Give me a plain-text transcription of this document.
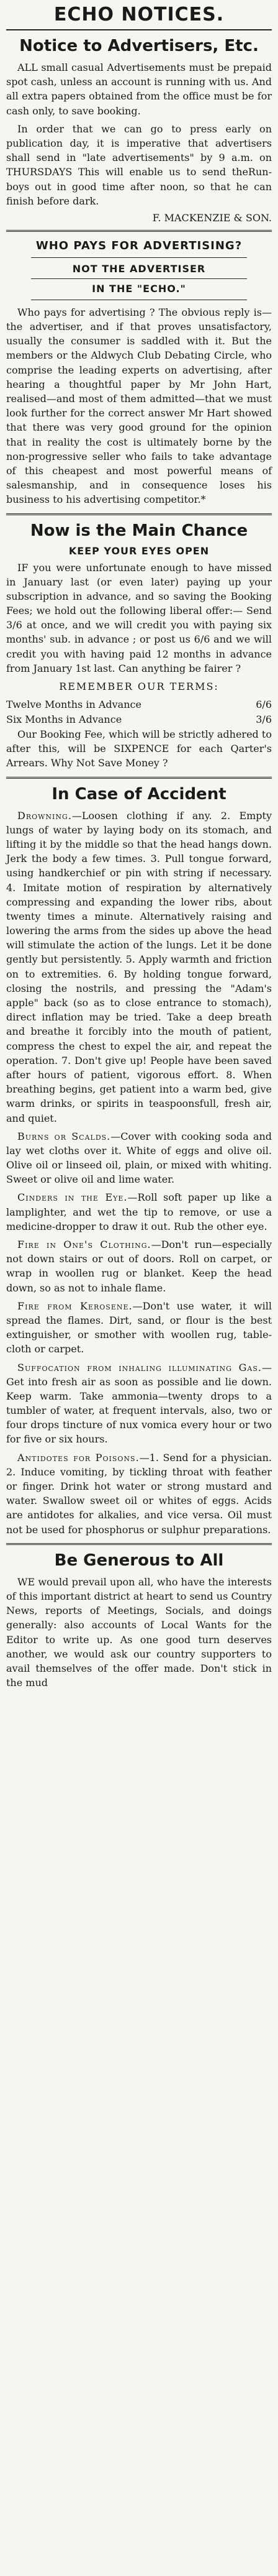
ECHO NOTICES.
Notice to Advertisers, Etc.

ALL small casual Advertisements must be prepaid spot cash, unless an account is running with us. And all extra papers obtained from the office must be for cash only, to save booking.

In order that we can go to press early on publication day, it is imperative that advertisers shall send in "late advertisements" by 9 a.m. on THURSDAYS This will enable us to send theRun-boys out in good time after noon, so that he can finish before dark.

F. MACKENZIE & SON.
WHO PAYS FOR ADVERTISING?
NOT THE ADVERTISER
IN THE "ECHO."

Who pays for advertising ? The obvious reply is—the advertiser, and if that proves unsatisfactory, usually the consumer is saddled with it. But the members or the Aldwych Club Debating Circle, who comprise the leading experts on advertising, after hearing a thoughtful paper by Mr John Hart, realised—and most of them admitted—that we must look further for the correct answer Mr Hart showed that there was very good ground for the opinion that in reality the cost is ultimately borne by the non-progressive seller who fails to take advantage of this cheapest and most powerful means of salesmanship, and in consequence loses his business to his advertising competitor.*

Now is the Main Chance
KEEP YOUR EYES OPEN

IF you were unfortunate enough to have missed in January last (or even later) paying up your subscription in advance, and so saving the Booking Fees; we hold out the following liberal offer:— Send 3/6 at once, and we will credit you with paying six months' sub. in advance ; or post us 6/6 and we will credit you with having paid 12 months in advance from January 1st last. Can anything be fairer ?

REMEMBER OUR TERMS:
Twelve Months in Advance	6/6
Six Months in Advance	3/6

Our Booking Fee, which will be strictly adhered to after this, will be SIXPENCE for each Qarter's Arrears. Why Not Save Money ?

In Case of Accident

Drowning.—Loosen clothing if any. 2. Empty lungs of water by laying body on its stomach, and lifting it by the middle so that the head hangs down. Jerk the body a few times. 3. Pull tongue forward, using handkerchief or pin with string if necessary. 4. Imitate motion of respiration by alternatively compressing and expanding the lower ribs, about twenty times a minute. Alternatively raising and lowering the arms from the sides up above the head will stimulate the action of the lungs. Let it be done gently but persistently. 5. Apply warmth and friction on to extremities. 6. By holding tongue forward, closing the nostrils, and pressing the "Adam's apple" back (so as to close entrance to stomach), direct inflation may be tried. Take a deep breath and breathe it forcibly into the mouth of patient, compress the chest to expel the air, and repeat the operation. 7. Don't give up! People have been saved after hours of patient, vigorous effort. 8. When breathing begins, get patient into a warm bed, give warm drinks, or spirits in teaspoonsfull, fresh air, and quiet.

Burns or Scalds.—Cover with cooking soda and lay wet cloths over it. White of eggs and olive oil. Olive oil or linseed oil, plain, or mixed with whiting. Sweet or olive oil and lime water.

Cinders in the Eye.—Roll soft paper up like a lamplighter, and wet the tip to remove, or use a medicine-dropper to draw it out. Rub the other eye.

Fire in One's Clothing.—Don't run—especially not down stairs or out of doors. Roll on carpet, or wrap in woollen rug or blanket. Keep the head down, so as not to inhale flame.

Fire from Kerosene.—Don't use water, it will spread the flames. Dirt, sand, or flour is the best extinguisher, or smother with woollen rug, table-cloth or carpet.

Suffocation from inhaling illuminating Gas.—Get into fresh air as soon as possible and lie down. Keep warm. Take ammonia—twenty drops to a tumbler of water, at frequent intervals, also, two or four drops tincture of nux vomica every hour or two for five or six hours.

Antidotes for Poisons.—1. Send for a physician. 2. Induce vomiting, by tickling throat with feather or finger. Drink hot water or strong mustard and water. Swallow sweet oil or whites of eggs. Acids are antidotes for alkalies, and vice versa. Oil must not be used for phosphorus or sulphur preparations.

Be Generous to All

WE would prevail upon all, who have the interests of this important district at heart to send us Country News, reports of Meetings, Socials, and doings generally: also accounts of Local Wants for the Editor to write up. As one good turn deserves another, we would ask our country supporters to avail themselves of the offer made. Don't stick in the mud
